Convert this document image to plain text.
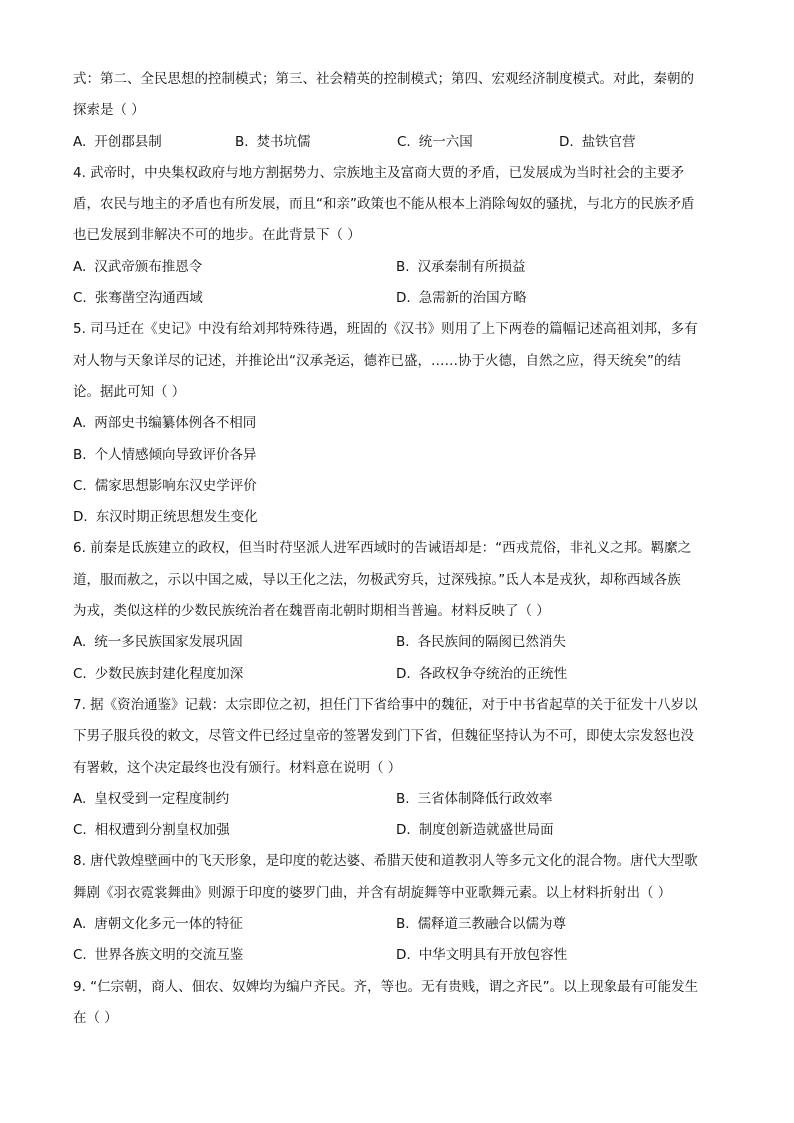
式：第二、全民思想的控制模式；第三、社会精英的控制模式；第四、宏观经济制度模式。对此，秦朝的
探索是（ ）
A. 开创郡县制	B. 焚书坑儒	C. 统一六国	D. 盐铁官营
4. 武帝时，中央集权政府与地方割据势力、宗族地主及富商大贾的矛盾，已发展成为当时社会的主要矛
盾，农民与地主的矛盾也有所发展，而且“和亲”政策也不能从根本上消除匈奴的骚扰，与北方的民族矛盾
也已发展到非解决不可的地步。在此背景下（ ）
A. 汉武帝颁布推恩令	B. 汉承秦制有所损益
C. 张骞凿空沟通西域	D. 急需新的治国方略
5. 司马迁在《史记》中没有给刘邦特殊待遇，班固的《汉书》则用了上下两卷的篇幅记述高祖刘邦，多有
对人物与天象详尽的记述，并推论出“汉承尧运，德祚已盛，……协于火德，自然之应，得天统矣”的结
论。据此可知（ ）
A. 两部史书编纂体例各不相同
B. 个人情感倾向导致评价各异
C. 儒家思想影响东汉史学评价
D. 东汉时期正统思想发生变化
6. 前秦是氐族建立的政权，但当时苻坚派人进军西域时的告诫语却是：“西戎荒俗，非礼义之邦。羁縻之
道，服而赦之，示以中国之威，导以王化之法，勿极武穷兵，过深残掠。”氐人本是戎狄，却称西域各族
为戎，类似这样的少数民族统治者在魏晋南北朝时期相当普遍。材料反映了（ ）
A. 统一多民族国家发展巩固	B. 各民族间的隔阂已然消失
C. 少数民族封建化程度加深	D. 各政权争夺统治的正统性
7. 据《资治通鉴》记载：太宗即位之初，担任门下省给事中的魏征，对于中书省起草的关于征发十八岁以
下男子服兵役的敕文，尽管文件已经过皇帝的签署发到门下省，但魏征坚持认为不可，即使太宗发怒也没
有署敕，这个决定最终也没有颁行。材料意在说明（ ）
A. 皇权受到一定程度制约	B. 三省体制降低行政效率
C. 相权遭到分割皇权加强	D. 制度创新造就盛世局面
8. 唐代敦煌壁画中的飞天形象，是印度的乾达婆、希腊天使和道教羽人等多元文化的混合物。唐代大型歌
舞剧《羽衣霓裳舞曲》则源于印度的婆罗门曲，并含有胡旋舞等中亚歌舞元素。以上材料折射出（ ）
A. 唐朝文化多元一体的特征	B. 儒释道三教融合以儒为尊
C. 世界各族文明的交流互鉴	D. 中华文明具有开放包容性
9. “仁宗朝，商人、佃农、奴婢均为编户齐民。齐，等也。无有贵贱，谓之齐民”。以上现象最有可能发生
在（ ）
